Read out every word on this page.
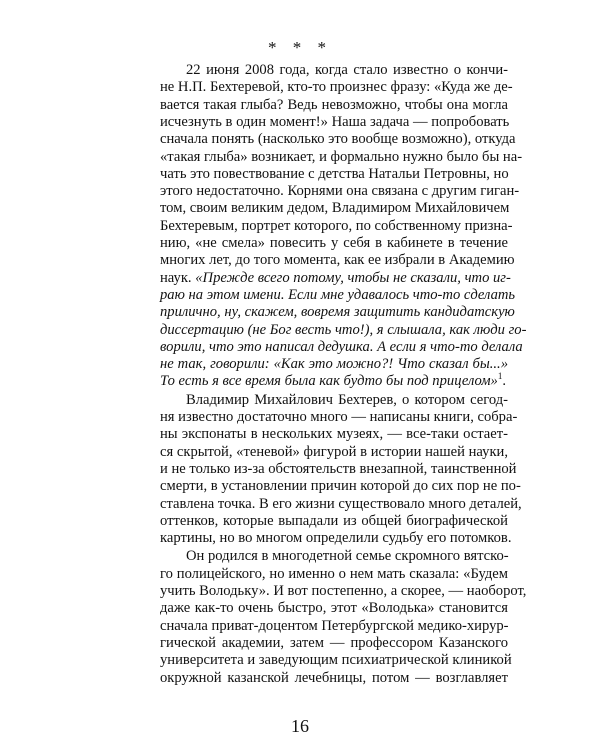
* * *
22 июня 2008 года, когда стало известно о кончи-
не Н.П. Бехтеревой, кто-то произнес фразу: «Куда же де-
вается такая глыба? Ведь невозможно, чтобы она могла
исчезнуть в один момент!» Наша задача — попробовать
сначала понять (насколько это вообще возможно), откуда
«такая глыба» возникает, и формально нужно было бы на-
чать это повествование с детства Натальи Петровны, но
этого недостаточно. Корнями она связана с другим гиган-
том, своим великим дедом, Владимиром Михайловичем
Бехтеревым, портрет которого, по собственному призна-
нию, «не смела» повесить у себя в кабинете в течение
многих лет, до того момента, как ее избрали в Академию
наук. «Прежде всего потому, чтобы не сказали, что иг-
раю на этом имени. Если мне удавалось что-то сделать
прилично, ну, скажем, вовремя защитить кандидатскую
диссертацию (не Бог весть что!), я слышала, как люди го-
ворили, что это написал дедушка. А если я что-то делала
не так, говорили: «Как это можно?! Что сказал бы...»
То есть я все время была как будто бы под прицелом»$^1$.
Владимир Михайлович Бехтерев, о котором сегод-
ня известно достаточно много — написаны книги, собра-
ны экспонаты в нескольких музеях, — все-таки остает-
ся скрытой, «теневой» фигурой в истории нашей науки,
и не только из-за обстоятельств внезапной, таинственной
смерти, в установлении причин которой до сих пор не по-
ставлена точка. В его жизни существовало много деталей,
оттенков, которые выпадали из общей биографической
картины, но во многом определили судьбу его потомков.
Он родился в многодетной семье скромного вятско-
го полицейского, но именно о нем мать сказала: «Будем
учить Володьку». И вот постепенно, а скорее, — наоборот,
даже как-то очень быстро, этот «Володька» становится
сначала приват-доцентом Петербургской медико-хирур-
гической академии, затем — профессором Казанского
университета и заведующим психиатрической клиникой
окружной казанской лечебницы, потом — возглавляет
16
